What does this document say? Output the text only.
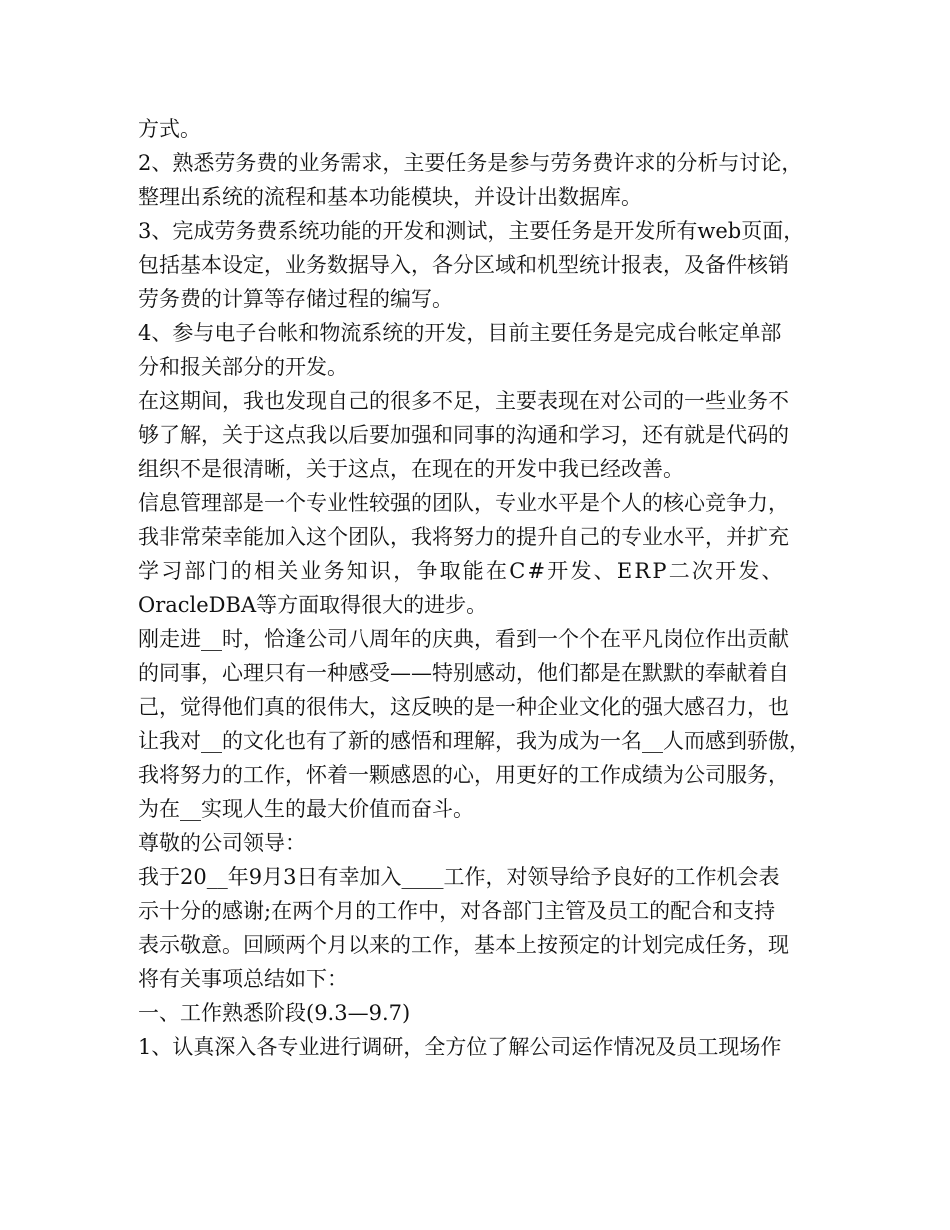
方式。
2、熟悉劳务费的业务需求，主要任务是参与劳务费许求的分析与讨论，
整理出系统的流程和基本功能模块，并设计出数据库。
3、完成劳务费系统功能的开发和测试，主要任务是开发所有web页面，
包括基本设定，业务数据导入，各分区域和机型统计报表，及备件核销
劳务费的计算等存储过程的编写。
4、参与电子台帐和物流系统的开发，目前主要任务是完成台帐定单部
分和报关部分的开发。
在这期间，我也发现自己的很多不足，主要表现在对公司的一些业务不
够了解，关于这点我以后要加强和同事的沟通和学习，还有就是代码的
组织不是很清晰，关于这点，在现在的开发中我已经改善。
信息管理部是一个专业性较强的团队，专业水平是个人的核心竞争力，
我非常荣幸能加入这个团队，我将努力的提升自己的专业水平，并扩充
学习部门的相关业务知识，争取能在C#开发、ERP二次开发、
OracleDBA等方面取得很大的进步。
刚走进__时，恰逢公司八周年的庆典，看到一个个在平凡岗位作出贡献
的同事，心理只有一种感受——特别感动，他们都是在默默的奉献着自
己，觉得他们真的很伟大，这反映的是一种企业文化的强大感召力，也
让我对__的文化也有了新的感悟和理解，我为成为一名__人而感到骄傲，
我将努力的工作，怀着一颗感恩的心，用更好的工作成绩为公司服务，
为在__实现人生的最大价值而奋斗。
尊敬的公司领导：
我于20__年9月3日有幸加入____工作，对领导给予良好的工作机会表
示十分的感谢;在两个月的工作中，对各部门主管及员工的配合和支持
表示敬意。回顾两个月以来的工作，基本上按预定的计划完成任务，现
将有关事项总结如下：
一、工作熟悉阶段(9.3—9.7)
1、认真深入各专业进行调研，全方位了解公司运作情况及员工现场作
